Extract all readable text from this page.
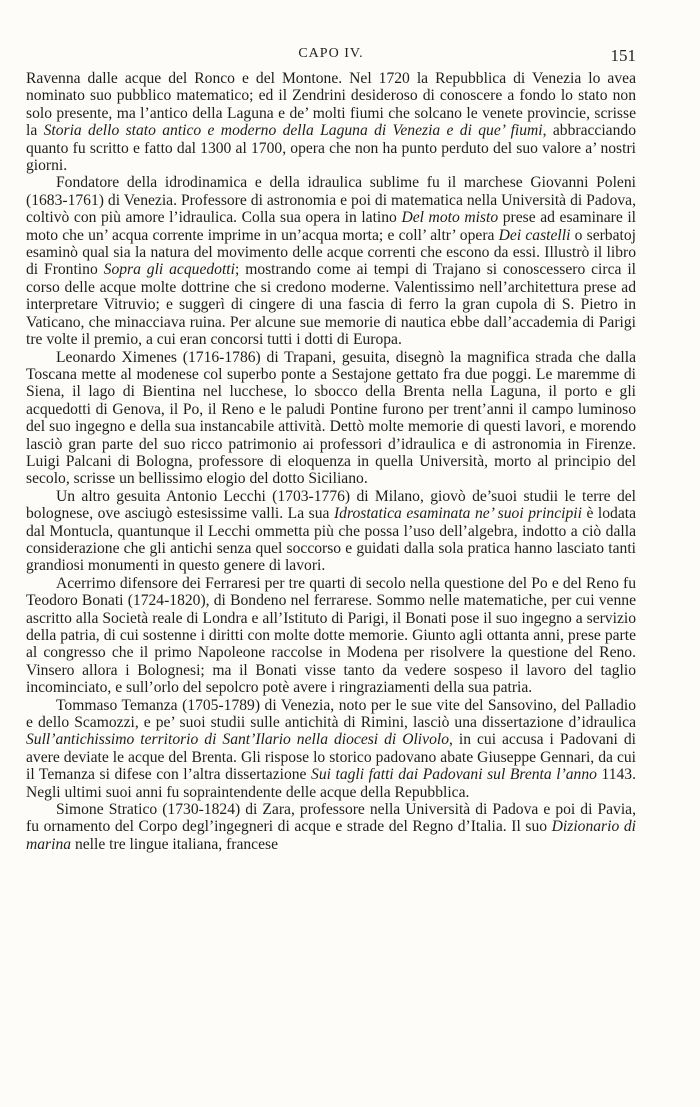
CAPO IV.	151

Ravenna dalle acque del Ronco e del Montone. Nel 1720 la Repubblica di Venezia lo avea nominato suo pubblico matematico; ed il Zendrini desideroso di conoscere a fondo lo stato non solo presente, ma l’antico della Laguna e de’ molti fiumi che solcano le venete provincie, scrisse la Storia dello stato antico e moderno della Laguna di Venezia e di que’ fiumi, abbracciando quanto fu scritto e fatto dal 1300 al 1700, opera che non ha punto perduto del suo valore a’ nostri giorni.

Fondatore della idrodinamica e della idraulica sublime fu il marchese Giovanni Poleni (1683-1761) di Venezia. Professore di astronomia e poi di matematica nella Università di Padova, coltivò con più amore l’idraulica. Colla sua opera in latino Del moto misto prese ad esaminare il moto che un’ acqua corrente imprime in un’acqua morta; e coll’ altr’ opera Dei castelli o serbatoj esaminò qual sia la natura del movimento delle acque correnti che escono da essi. Illustrò il libro di Frontino Sopra gli acquedotti; mostrando come ai tempi di Trajano si conoscessero circa il corso delle acque molte dottrine che si credono moderne. Valentissimo nell’architettura prese ad interpretare Vitruvio; e suggerì di cingere di una fascia di ferro la gran cupola di S. Pietro in Vaticano, che minacciava ruina. Per alcune sue memorie di nautica ebbe dall’accademia di Parigi tre volte il premio, a cui eran concorsi tutti i dotti di Europa.

Leonardo Ximenes (1716-1786) di Trapani, gesuita, disegnò la magnifica strada che dalla Toscana mette al modenese col superbo ponte a Sestajone gettato fra due poggi. Le maremme di Siena, il lago di Bientina nel lucchese, lo sbocco della Brenta nella Laguna, il porto e gli acquedotti di Genova, il Po, il Reno e le paludi Pontine furono per trent’anni il campo luminoso del suo ingegno e della sua instancabile attività. Dettò molte memorie di questi lavori, e morendo lasciò gran parte del suo ricco patrimonio ai professori d’idraulica e di astronomia in Firenze. Luigi Palcani di Bologna, professore di eloquenza in quella Università, morto al principio del secolo, scrisse un bellissimo elogio del dotto Siciliano.

Un altro gesuita Antonio Lecchi (1703-1776) di Milano, giovò de’suoi studii le terre del bolognese, ove asciugò estesissime valli. La sua Idrostatica esaminata ne’ suoi principii è lodata dal Montucla, quantunque il Lecchi ommetta più che possa l’uso dell’algebra, indotto a ciò dalla considerazione che gli antichi senza quel soccorso e guidati dalla sola pratica hanno lasciato tanti grandiosi monumenti in questo genere di lavori.

Acerrimo difensore dei Ferraresi per tre quarti di secolo nella questione del Po e del Reno fu Teodoro Bonati (1724-1820), di Bondeno nel ferrarese. Sommo nelle matematiche, per cui venne ascritto alla Società reale di Londra e all’Istituto di Parigi, il Bonati pose il suo ingegno a servizio della patria, di cui sostenne i diritti con molte dotte memorie. Giunto agli ottanta anni, prese parte al congresso che il primo Napoleone raccolse in Modena per risolvere la questione del Reno. Vinsero allora i Bolognesi; ma il Bonati visse tanto da vedere sospeso il lavoro del taglio incominciato, e sull’orlo del sepolcro potè avere i ringraziamenti della sua patria.

Tommaso Temanza (1705-1789) di Venezia, noto per le sue vite del Sansovino, del Palladio e dello Scamozzi, e pe’ suoi studii sulle antichità di Rimini, lasciò una dissertazione d’idraulica Sull’antichissimo territorio di Sant’Ilario nella diocesi di Olivolo, in cui accusa i Padovani di avere deviate le acque del Brenta. Gli rispose lo storico padovano abate Giuseppe Gennari, da cui il Temanza si difese con l’altra dissertazione Sui tagli fatti dai Padovani sul Brenta l’anno 1143. Negli ultimi suoi anni fu sopraintendente delle acque della Repubblica.

Simone Stratico (1730-1824) di Zara, professore nella Università di Padova e poi di Pavia, fu ornamento del Corpo degl’ingegneri di acque e strade del Regno d’Italia. Il suo Dizionario di marina nelle tre lingue italiana, francese
